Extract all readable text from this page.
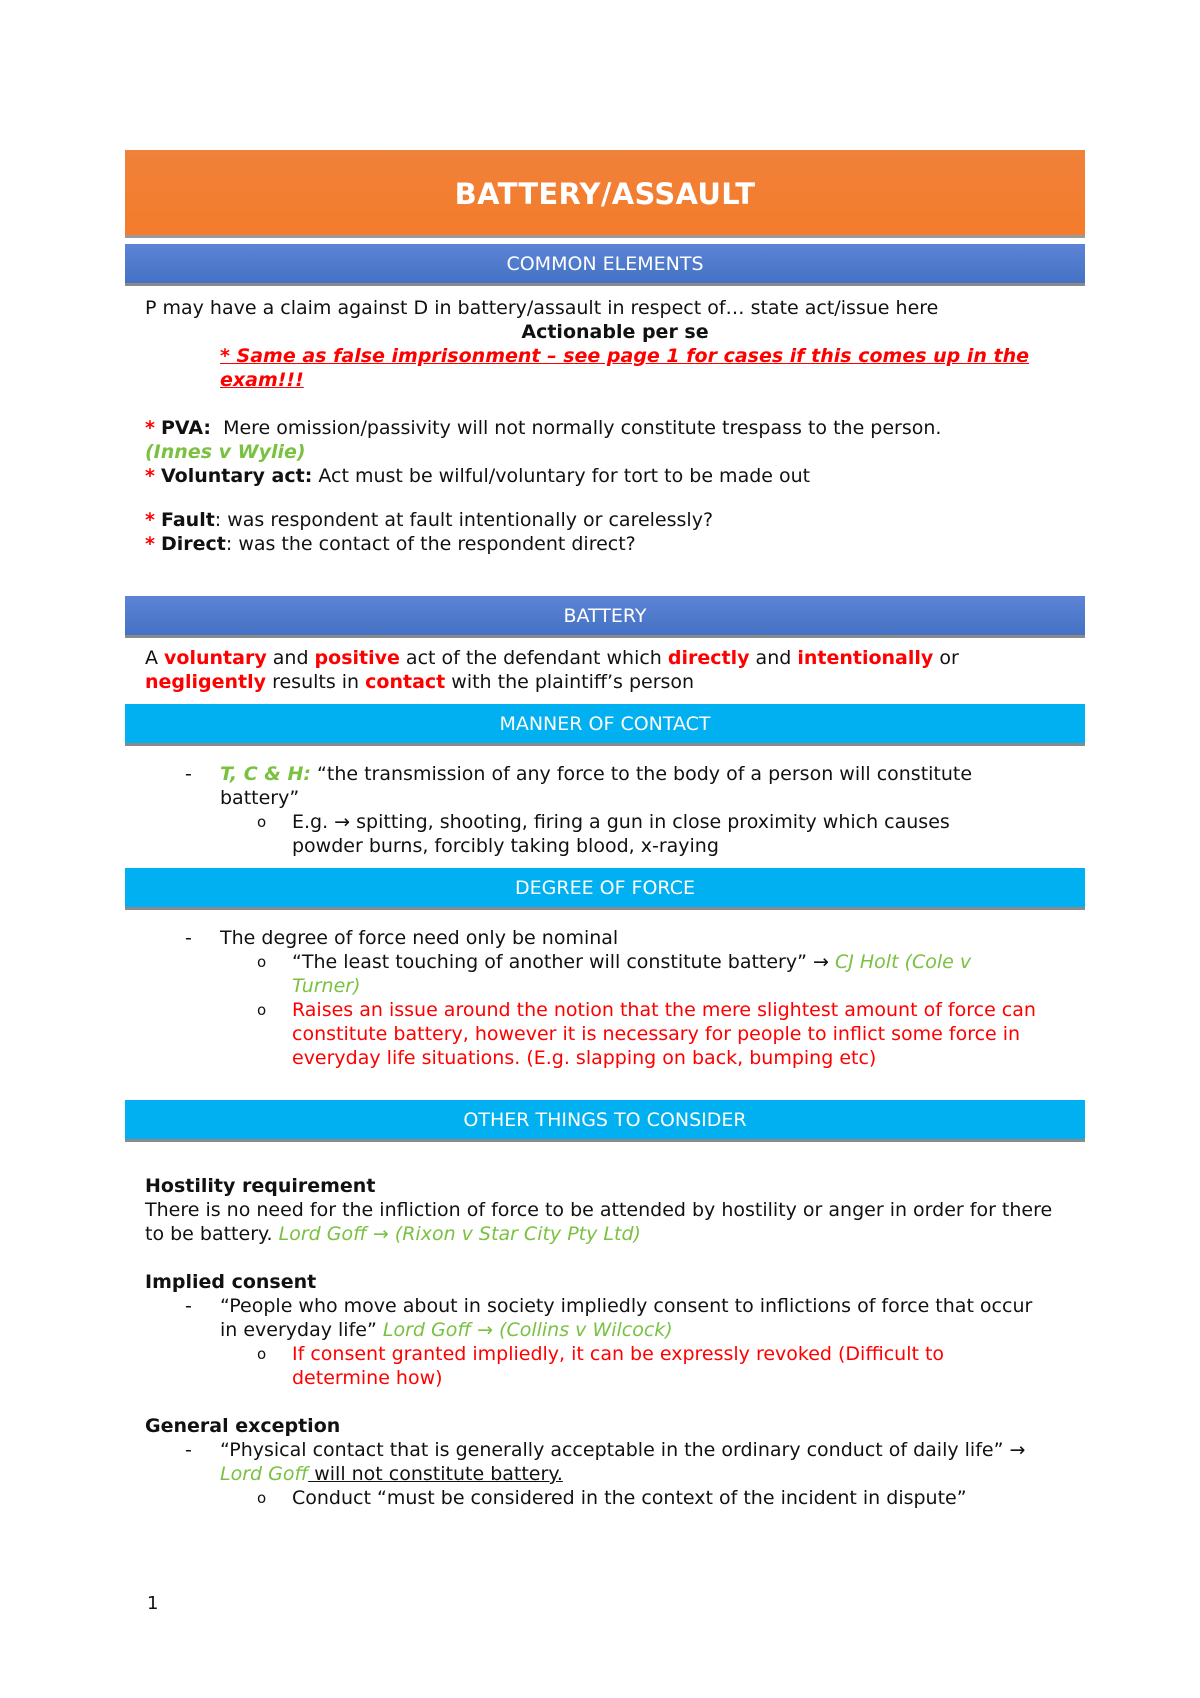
BATTERY/ASSAULT
COMMON ELEMENTS
P may have a claim against D in battery/assault in respect of… state act/issue here
Actionable per se
* Same as false imprisonment – see page 1 for cases if this comes up in the exam!!!
* PVA: Mere omission/passivity will not normally constitute trespass to the person.
(Innes v Wylie)
* Voluntary act: Act must be wilful/voluntary for tort to be made out
* Fault: was respondent at fault intentionally or carelessly?
* Direct: was the contact of the respondent direct?
BATTERY
A voluntary and positive act of the defendant which directly and intentionally or negligently results in contact with the plaintiff’s person
MANNER OF CONTACT
- T, C & H: “the transmission of any force to the body of a person will constitute battery”
o E.g. → spitting, shooting, firing a gun in close proximity which causes powder burns, forcibly taking blood, x-raying
DEGREE OF FORCE
- The degree of force need only be nominal
o “The least touching of another will constitute battery” → CJ Holt (Cole v Turner)
o Raises an issue around the notion that the mere slightest amount of force can constitute battery, however it is necessary for people to inflict some force in everyday life situations. (E.g. slapping on back, bumping etc)
OTHER THINGS TO CONSIDER
Hostility requirement
There is no need for the infliction of force to be attended by hostility or anger in order for there to be battery. Lord Goff → (Rixon v Star City Pty Ltd)
Implied consent
- “People who move about in society impliedly consent to inflictions of force that occur in everyday life” Lord Goff → (Collins v Wilcock)
o If consent granted impliedly, it can be expressly revoked (Difficult to determine how)
General exception
- “Physical contact that is generally acceptable in the ordinary conduct of daily life” → Lord Goff will not constitute battery.
o Conduct “must be considered in the context of the incident in dispute”
1
